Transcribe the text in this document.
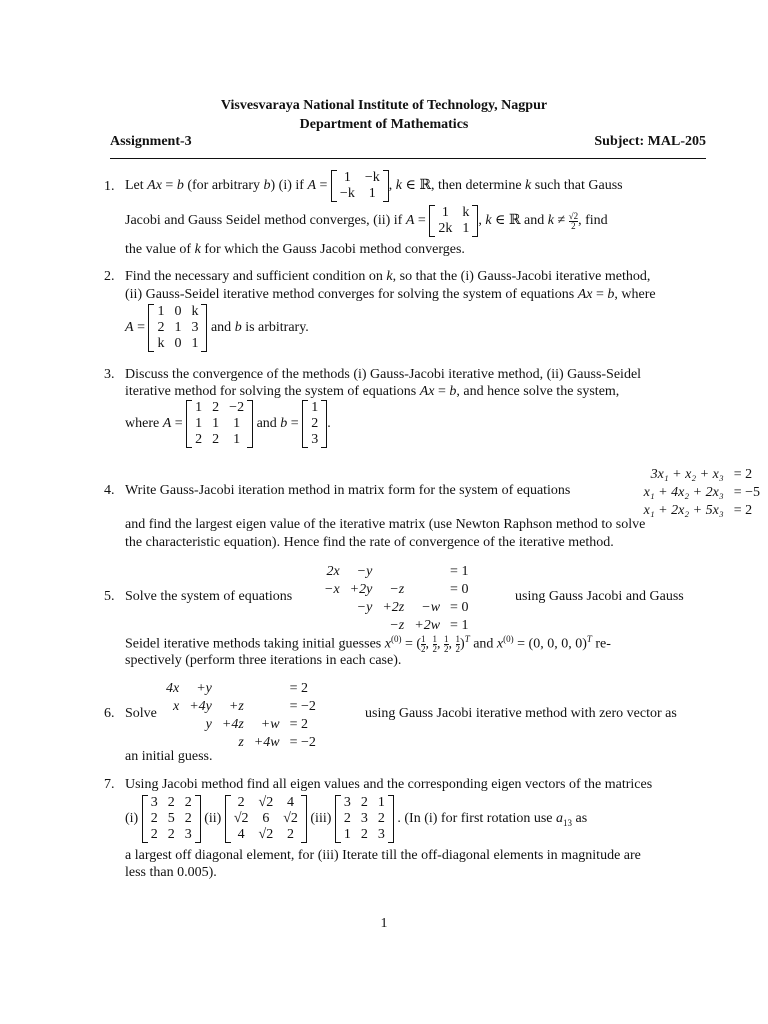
Visvesvaraya National Institute of Technology, Nagpur
Department of Mathematics
Assignment-3	Subject: MAL-205
1. Let Ax = b (for arbitrary b) (i) if A =
1	−k
−k	1
, k ∈ ℝ, then determine k such that Gauss
Jacobi and Gauss Seidel method converges, (ii) if A =
1	k
2k	1
, k ∈ ℝ and $k \ne \frac{√2}{2}$ , find
the value of k for which the Gauss Jacobi method converges.
2. Find the necessary and sufficient condition on k, so that the (i) Gauss-Jacobi iterative method,
(ii) Gauss-Seidel iterative method converges for solving the system of equations Ax = b, where
A =
1	0	k
2	1	3
k	0	1
and b is arbitrary.
3. Discuss the convergence of the methods (i) Gauss-Jacobi iterative method, (ii) Gauss-Seidel
iterative method for solving the system of equations Ax = b, and hence solve the system,
where A =
1	2	−2
1	1	1
2	2	1
and b =
1
2
3
.
3x₁ + x₂ + x₃	= 2
x₁ + 4x₂ + 2x₃	= −5
x₁ + 2x₂ + 5x₃	= 2
4. Write Gauss-Jacobi iteration method in matrix form for the system of equations
and find the largest eigen value of the iterative matrix (use Newton Raphson method to solve
the characteristic equation). Hence find the rate of convergence of the iterative method.
5. Solve the system of equations
2x	−y			= 1
−x	+2y	−z		= 0
	−y	+2z	−w	= 0
		−z	+2w	= 1
using Gauss Jacobi and Gauss
Seidel iterative methods taking initial guesses $x^{(0)}$ = ( $\frac{1}{2}$ , $\frac{1}{2}$ , $\frac{1}{2}$ , $\frac{1}{2} )^T$ and $x^{(0)} = (0$, 0, 0, 0)$^T$ re-
spectively (perform three iterations in each case).
6. Solve
4x	+y			= 2
x	+4y	+z		= −2
	y	+4z	+w	= 2
		z	+4w	= −2
using Gauss Jacobi iterative method with zero vector as
an initial guess.
7. Using Jacobi method find all eigen values and the corresponding eigen vectors of the matrices
(i)
3	2	2
2	5	2
2	2	3
(ii)
2	√2	4
√2	6	√2
4	√2	2
(iii)
3	2	1
2	3	2
1	2	3
. (In (i) for first rotation use $a_{13}$ as
a largest off diagonal element, for (iii) Iterate till the off-diagonal elements in magnitude are
less than 0.005).
1
